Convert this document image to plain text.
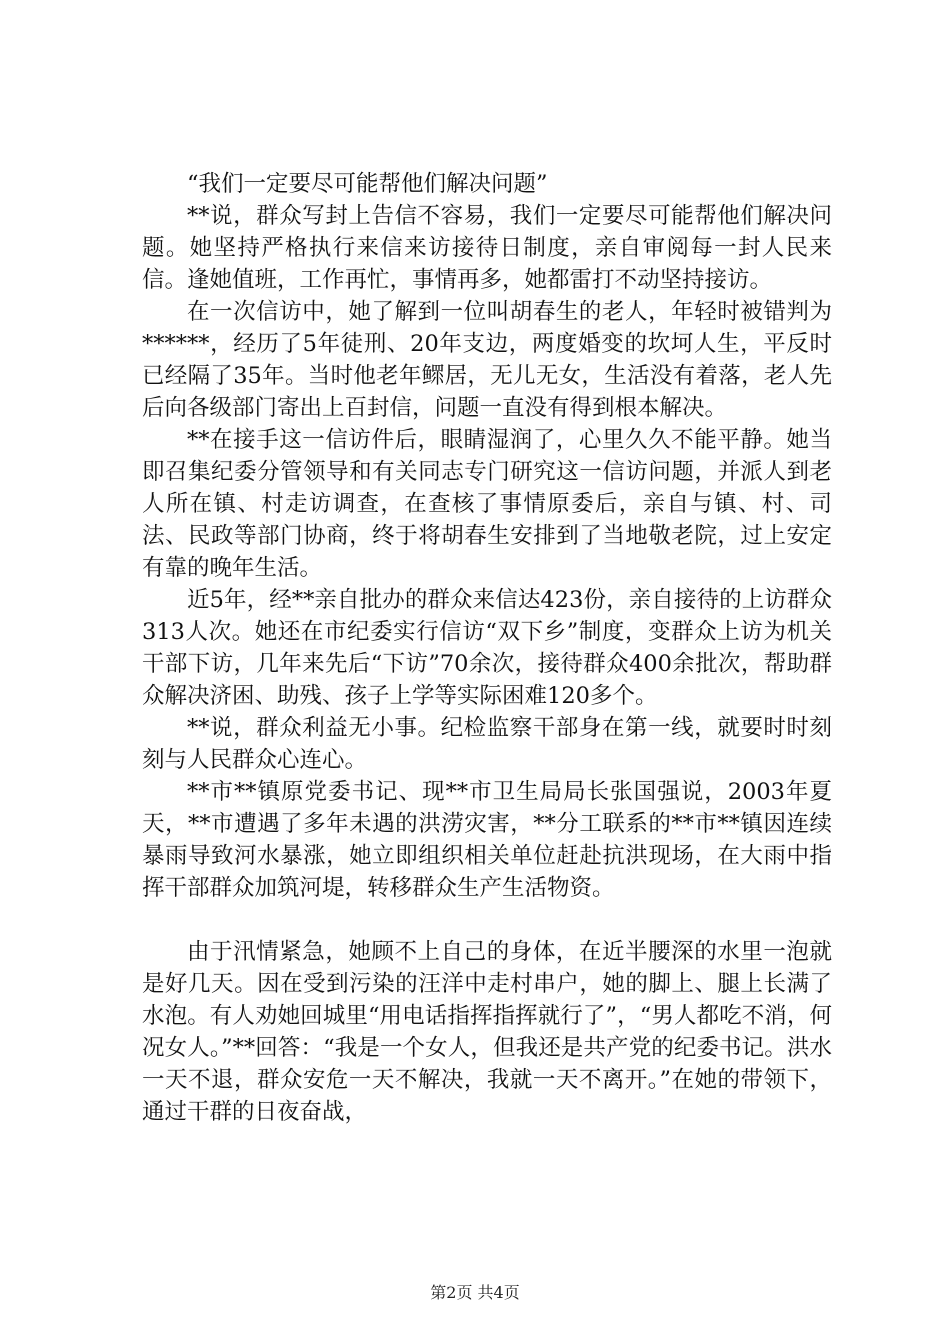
“我们一定要尽可能帮他们解决问题”

**说，群众写封上告信不容易，我们一定要尽可能帮他们解决问题。她坚持严格执行来信来访接待日制度，亲自审阅每一封人民来信。逢她值班，工作再忙，事情再多，她都雷打不动坚持接访。

在一次信访中，她了解到一位叫胡春生的老人，年轻时被错判为******，经历了5年徒刑、20年支边，两度婚变的坎坷人生，平反时已经隔了35年。当时他老年鳏居，无儿无女，生活没有着落，老人先后向各级部门寄出上百封信，问题一直没有得到根本解决。

**在接手这一信访件后，眼睛湿润了，心里久久不能平静。她当即召集纪委分管领导和有关同志专门研究这一信访问题，并派人到老人所在镇、村走访调查，在查核了事情原委后，亲自与镇、村、司法、民政等部门协商，终于将胡春生安排到了当地敬老院，过上安定有靠的晚年生活。

近5年，经**亲自批办的群众来信达423份，亲自接待的上访群众313人次。她还在市纪委实行信访“双下乡”制度，变群众上访为机关干部下访，几年来先后“下访”70余次，接待群众400余批次，帮助群众解决济困、助残、孩子上学等实际困难120多个。

**说，群众利益无小事。纪检监察干部身在第一线，就要时时刻刻与人民群众心连心。

**市**镇原党委书记、现**市卫生局局长张国强说，2003年夏天，**市遭遇了多年未遇的洪涝灾害，**分工联系的**市**镇因连续暴雨导致河水暴涨，她立即组织相关单位赶赴抗洪现场，在大雨中指挥干部群众加筑河堤，转移群众生产生活物资。

由于汛情紧急，她顾不上自己的身体，在近半腰深的水里一泡就是好几天。因在受到污染的汪洋中走村串户，她的脚上、腿上长满了水泡。有人劝她回城里“用电话指挥指挥就行了”，“男人都吃不消，何况女人。”**回答：“我是一个女人，但我还是共产党的纪委书记。洪水一天不退，群众安危一天不解决，我就一天不离开。”在她的带领下，通过干群的日夜奋战，

第2页 共4页
